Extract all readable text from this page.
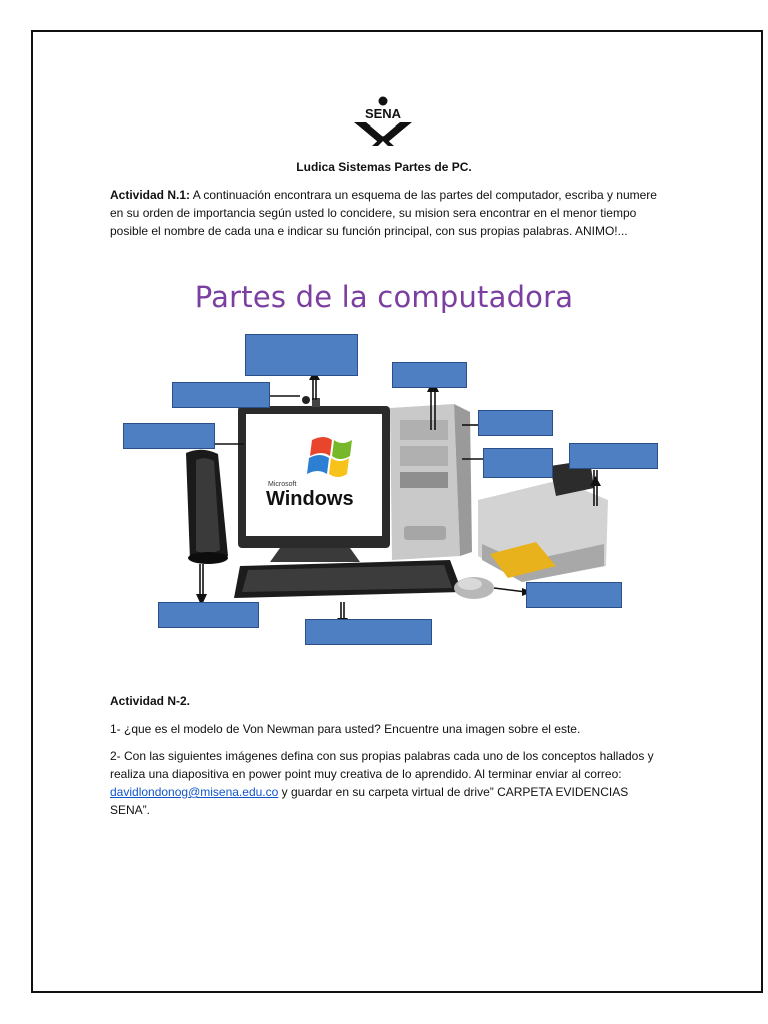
SENA
Ludica Sistemas Partes de PC.

Actividad N.1: A continuación encontrara un esquema de las partes del computador, escriba y numere en su orden de importancia según usted lo concidere, su mision sera encontrar en el menor tiempo posible el nombre de cada una e indicar su función principal, con sus propias palabras. ANIMO!...

Partes de la computadora
Microsoft
Windows
Actividad N-2.

1- ¿que es el modelo de Von Newman para usted? Encuentre una imagen sobre el este.

2- Con las siguientes imágenes defina con sus propias palabras cada uno de los conceptos hallados y realiza una diapositiva en power point muy creativa de lo aprendido. Al terminar enviar al correo: davidlondonog@misena.edu.co y guardar en su carpeta virtual de drive” CARPETA EVIDENCIAS SENA”.
